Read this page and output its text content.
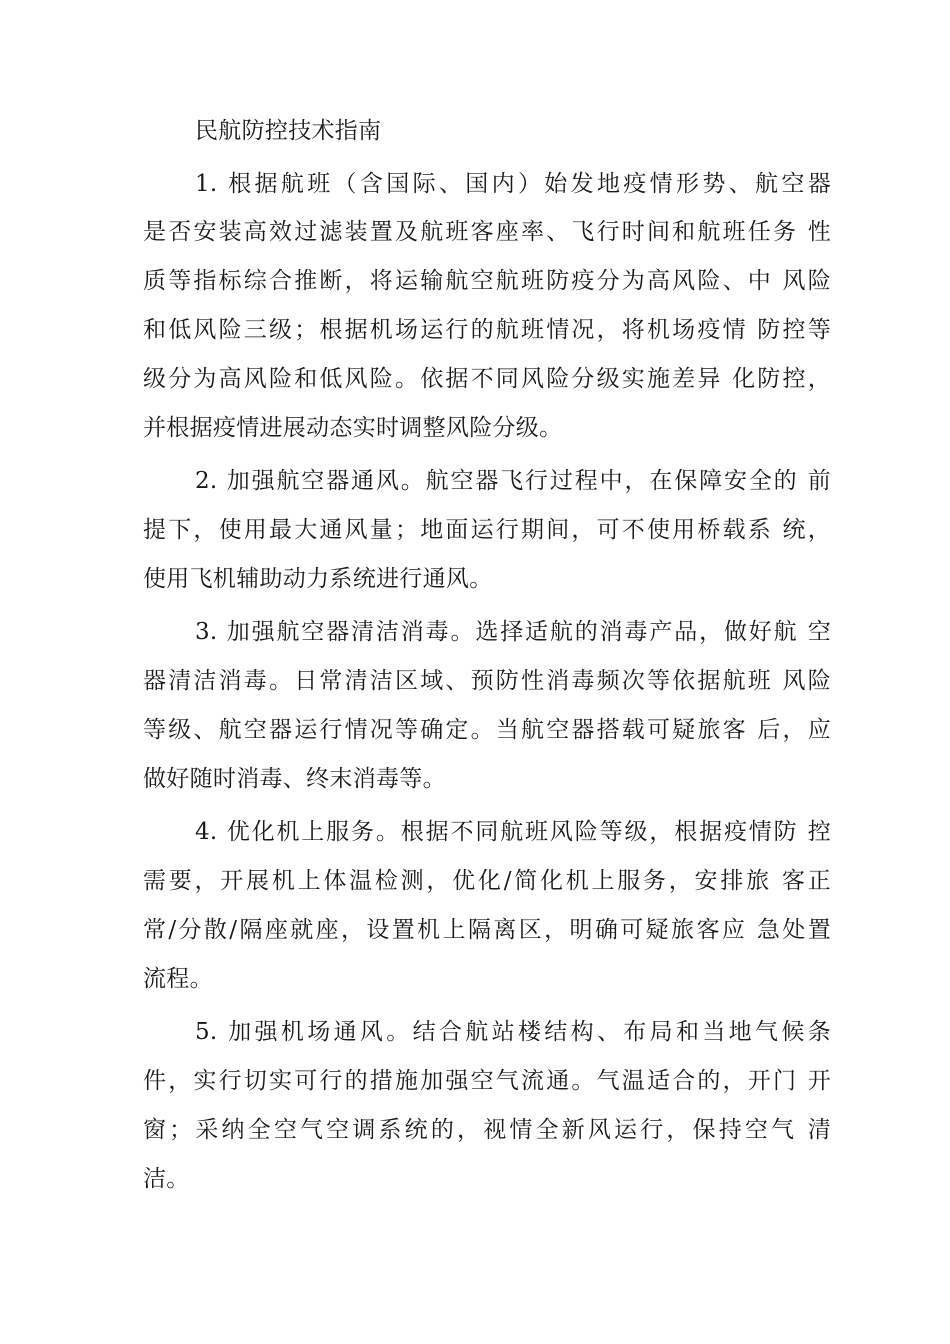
民航防控技术指南
1. 根据航班（含国际、国内）始发地疫情形势、航空器
是否安装高效过滤装置及航班客座率、飞行时间和航班任务 性
质等指标综合推断，将运输航空航班防疫分为高风险、中 风险
和低风险三级；根据机场运行的航班情况，将机场疫情 防控等
级分为高风险和低风险。依据不同风险分级实施差异 化防控，
并根据疫情进展动态实时调整风险分级。
2. 加强航空器通风。航空器飞行过程中，在保障安全的 前
提下，使用最大通风量；地面运行期间，可不使用桥载系 统，
使用飞机辅助动力系统进行通风。
3. 加强航空器清洁消毒。选择适航的消毒产品，做好航 空
器清洁消毒。日常清洁区域、预防性消毒频次等依据航班 风险
等级、航空器运行情况等确定。当航空器搭载可疑旅客 后，应
做好随时消毒、终末消毒等。
4. 优化机上服务。根据不同航班风险等级，根据疫情防 控
需要，开展机上体温检测，优化/简化机上服务，安排旅 客正
常/分散/隔座就座，设置机上隔离区，明确可疑旅客应 急处置
流程。
5. 加强机场通风。结合航站楼结构、布局和当地气候条
件，实行切实可行的措施加强空气流通。气温适合的，开门 开
窗；采纳全空气空调系统的，视情全新风运行，保持空气 清
洁。
